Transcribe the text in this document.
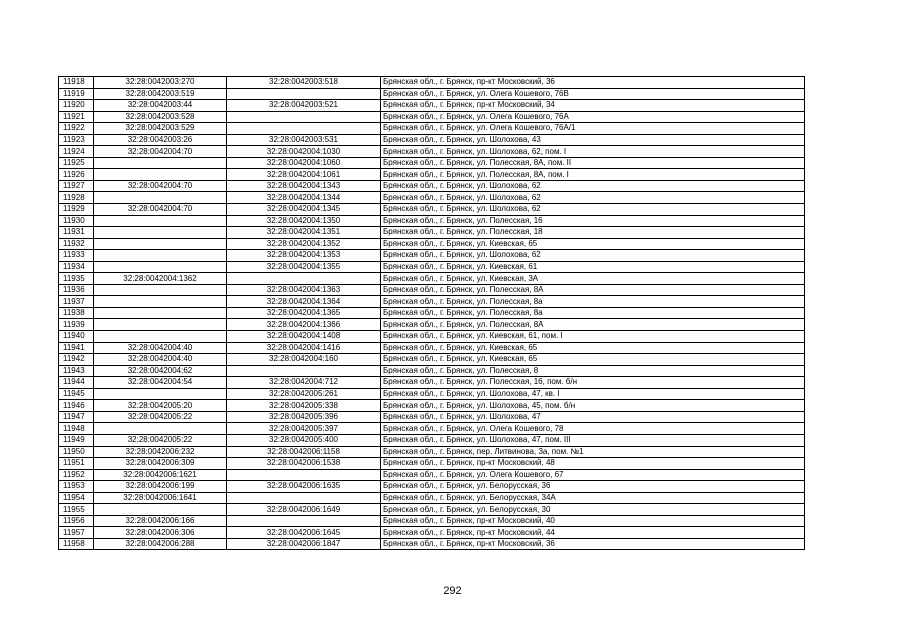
11918	32:28:0042003:270	32:28:0042003:518	Брянская обл., г. Брянск, пр-кт Московский, 36
11919	32:28:0042003:519		Брянская обл., г. Брянск, ул. Олега Кошевого, 76В
11920	32:28:0042003:44	32:28:0042003:521	Брянская обл., г. Брянск, пр-кт Московский, 34
11921	32:28:0042003:528		Брянская обл., г. Брянск, ул. Олега Кошевого, 76А
11922	32:28:0042003:529		Брянская обл., г. Брянск, ул. Олега Кошевого, 76А/1
11923	32:28:0042003:26	32:28:0042003:531	Брянская обл., г. Брянск, ул. Шолохова, 43
11924	32:28:0042004:70	32:28:0042004:1030	Брянская обл., г. Брянск, ул. Шолохова, 62, пом. I
11925		32:28:0042004:1060	Брянская обл., г. Брянск, ул. Полесская, 8А, пом. II
11926		32:28:0042004:1061	Брянская обл., г. Брянск, ул. Полесская, 8А, пом. I
11927	32:28:0042004:70	32:28:0042004:1343	Брянская обл., г. Брянск, ул. Шолохова, 62
11928		32:28:0042004:1344	Брянская обл., г. Брянск, ул. Шолохова, 62
11929	32:28:0042004:70	32:28:0042004:1345	Брянская обл., г. Брянск, ул. Шолохова, 62
11930		32:28:0042004:1350	Брянская обл., г. Брянск, ул. Полесская, 16
11931		32:28:0042004:1351	Брянская обл., г. Брянск, ул. Полесская, 18
11932		32:28:0042004:1352	Брянская обл., г. Брянск, ул. Киевская, 65
11933		32:28:0042004:1353	Брянская обл., г. Брянск, ул. Шолохова, 62
11934		32:28:0042004:1355	Брянская обл., г. Брянск, ул. Киевская, 61
11935	32:28:0042004:1362		Брянская обл., г. Брянск, ул. Киевская, 3А
11936		32:28:0042004:1363	Брянская обл., г. Брянск, ул. Полесская, 8А
11937		32:28:0042004:1364	Брянская обл., г. Брянск, ул. Полесская, 8а
11938		32:28:0042004:1365	Брянская обл., г. Брянск, ул. Полесская, 8а
11939		32:28:0042004:1366	Брянская обл., г. Брянск, ул. Полесская, 8А
11940		32:28:0042004:1408	Брянская обл., г. Брянск, ул. Киевская, 61, пом. I
11941	32:28:0042004:40	32:28:0042004:1416	Брянская обл., г. Брянск, ул. Киевская, 65
11942	32:28:0042004:40	32:28:0042004:160	Брянская обл., г. Брянск, ул. Киевская, 65
11943	32:28:0042004:62		Брянская обл., г. Брянск, ул. Полесская, 8
11944	32:28:0042004:54	32:28:0042004:712	Брянская обл., г. Брянск, ул. Полесская, 16, пом. б/н
11945		32:28:0042005:261	Брянская обл., г. Брянск, ул. Шолохова, 47, кв. I
11946	32:28:0042005:20	32:28:0042005:338	Брянская обл., г. Брянск, ул. Шолохова, 45, пом. б/н
11947	32:28:0042005:22	32:28:0042005:396	Брянская обл., г. Брянск, ул. Шолохова, 47
11948		32:28:0042005:397	Брянская обл., г. Брянск, ул. Олега Кошевого, 78
11949	32:28:0042005:22	32:28:0042005:400	Брянская обл., г. Брянск, ул. Шолохова, 47, пом. III
11950	32:28:0042006:232	32:28:0042006:1158	Брянская обл., г. Брянск, пер. Литвинова, 3а, пом. №1
11951	32:28:0042006:309	32:28:0042006:1538	Брянская обл., г. Брянск, пр-кт Московский, 48
11952	32:28:0042006:1621		Брянская обл., г. Брянск, ул. Олега Кошевого, 67
11953	32:28:0042006:199	32:28:0042006:1635	Брянская обл., г. Брянск, ул. Белорусская, 36
11954	32:28:0042006:1641		Брянская обл., г. Брянск, ул. Белорусская, 34А
11955		32:28:0042006:1649	Брянская обл., г. Брянск, ул. Белорусская, 30
11956	32:28:0042006:166		Брянская обл., г. Брянск, пр-кт Московский, 40
11957	32:28:0042006:306	32:28:0042006:1645	Брянская обл., г. Брянск, пр-кт Московский, 44
11958	32:28:0042006:288	32:28:0042006:1847	Брянская обл., г. Брянск, пр-кт Московский, 36
292
